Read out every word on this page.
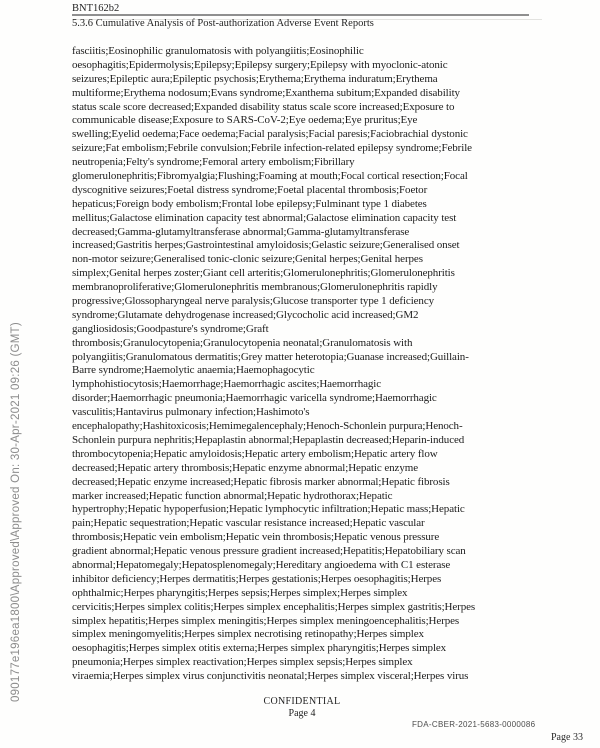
BNT162b2
5.3.6 Cumulative Analysis of Post-authorization Adverse Event Reports
090177e196ea1800\Approved\Approved On: 30-Apr-2021 09:26 (GMT)
fasciitis;Eosinophilic granulomatosis with polyangiitis;Eosinophilic
oesophagitis;Epidermolysis;Epilepsy;Epilepsy surgery;Epilepsy with myoclonic-atonic
seizures;Epileptic aura;Epileptic psychosis;Erythema;Erythema induratum;Erythema
multiforme;Erythema nodosum;Evans syndrome;Exanthema subitum;Expanded disability
status scale score decreased;Expanded disability status scale score increased;Exposure to
communicable disease;Exposure to SARS-CoV-2;Eye oedema;Eye pruritus;Eye
swelling;Eyelid oedema;Face oedema;Facial paralysis;Facial paresis;Faciobrachial dystonic
seizure;Fat embolism;Febrile convulsion;Febrile infection-related epilepsy syndrome;Febrile
neutropenia;Felty's syndrome;Femoral artery embolism;Fibrillary
glomerulonephritis;Fibromyalgia;Flushing;Foaming at mouth;Focal cortical resection;Focal
dyscognitive seizures;Foetal distress syndrome;Foetal placental thrombosis;Foetor
hepaticus;Foreign body embolism;Frontal lobe epilepsy;Fulminant type 1 diabetes
mellitus;Galactose elimination capacity test abnormal;Galactose elimination capacity test
decreased;Gamma-glutamyltransferase abnormal;Gamma-glutamyltransferase
increased;Gastritis herpes;Gastrointestinal amyloidosis;Gelastic seizure;Generalised onset
non-motor seizure;Generalised tonic-clonic seizure;Genital herpes;Genital herpes
simplex;Genital herpes zoster;Giant cell arteritis;Glomerulonephritis;Glomerulonephritis
membranoproliferative;Glomerulonephritis membranous;Glomerulonephritis rapidly
progressive;Glossopharyngeal nerve paralysis;Glucose transporter type 1 deficiency
syndrome;Glutamate dehydrogenase increased;Glycocholic acid increased;GM2
gangliosidosis;Goodpasture's syndrome;Graft
thrombosis;Granulocytopenia;Granulocytopenia neonatal;Granulomatosis with
polyangiitis;Granulomatous dermatitis;Grey matter heterotopia;Guanase increased;Guillain-
Barre syndrome;Haemolytic anaemia;Haemophagocytic
lymphohistiocytosis;Haemorrhage;Haemorrhagic ascites;Haemorrhagic
disorder;Haemorrhagic pneumonia;Haemorrhagic varicella syndrome;Haemorrhagic
vasculitis;Hantavirus pulmonary infection;Hashimoto's
encephalopathy;Hashitoxicosis;Hemimegalencephaly;Henoch-Schonlein purpura;Henoch-
Schonlein purpura nephritis;Hepaplastin abnormal;Hepaplastin decreased;Heparin-induced
thrombocytopenia;Hepatic amyloidosis;Hepatic artery embolism;Hepatic artery flow
decreased;Hepatic artery thrombosis;Hepatic enzyme abnormal;Hepatic enzyme
decreased;Hepatic enzyme increased;Hepatic fibrosis marker abnormal;Hepatic fibrosis
marker increased;Hepatic function abnormal;Hepatic hydrothorax;Hepatic
hypertrophy;Hepatic hypoperfusion;Hepatic lymphocytic infiltration;Hepatic mass;Hepatic
pain;Hepatic sequestration;Hepatic vascular resistance increased;Hepatic vascular
thrombosis;Hepatic vein embolism;Hepatic vein thrombosis;Hepatic venous pressure
gradient abnormal;Hepatic venous pressure gradient increased;Hepatitis;Hepatobiliary scan
abnormal;Hepatomegaly;Hepatosplenomegaly;Hereditary angioedema with C1 esterase
inhibitor deficiency;Herpes dermatitis;Herpes gestationis;Herpes oesophagitis;Herpes
ophthalmic;Herpes pharyngitis;Herpes sepsis;Herpes simplex;Herpes simplex
cervicitis;Herpes simplex colitis;Herpes simplex encephalitis;Herpes simplex gastritis;Herpes
simplex hepatitis;Herpes simplex meningitis;Herpes simplex meningoencephalitis;Herpes
simplex meningomyelitis;Herpes simplex necrotising retinopathy;Herpes simplex
oesophagitis;Herpes simplex otitis externa;Herpes simplex pharyngitis;Herpes simplex
pneumonia;Herpes simplex reactivation;Herpes simplex sepsis;Herpes simplex
viraemia;Herpes simplex virus conjunctivitis neonatal;Herpes simplex visceral;Herpes virus
CONFIDENTIAL
Page 4
FDA-CBER-2021-5683-0000086
Page 33
